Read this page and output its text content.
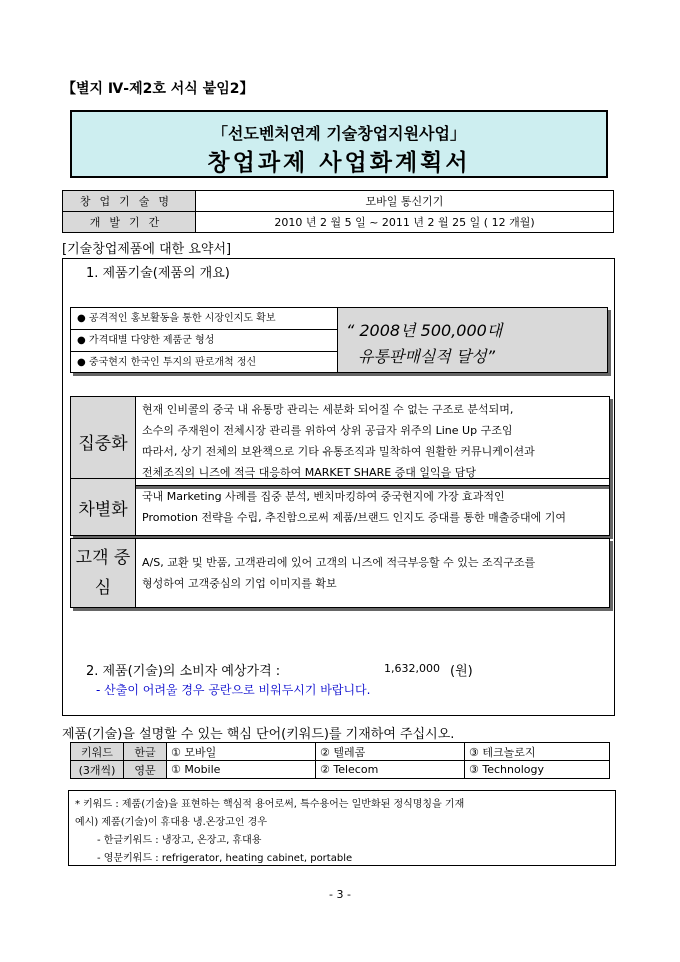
【별지 Ⅳ-제2호 서식 붙임2】
「선도벤처연계 기술창업지원사업」
창업과제 사업화계획서
창업기술명	모바일 통신기기
개발기간	2010 년 2 월 5 일 ~ 2011 년 2 월 25 일 ( 12 개월)
[기술창업제품에 대한 요약서]
1. 제품기술(제품의 개요)
● 공격적인 홍보활동을 통한 시장인지도 확보
● 가격대별 다양한 제품군 형성
● 중국현지 한국인 투지의 판로개척 정신
“ 2008년 500,000대
유통판매실적 달성”
집중화	
현재 인비콜의 중국 내 유통망 관리는 세분화 되어질 수 없는 구조로 분석되며,
소수의 주재원이 전체시장 관리를 위하여 상위 공급자 위주의 Line Up 구조임
따라서, 상기 전체의 보완책으로 기타 유통조직과 밀착하여 원활한 커뮤니케이션과
전체조직의 니즈에 적극 대응하여 MARKET SHARE 증대 일익을 담당
차별화	
국내 Marketing 사례를 집중 분석, 벤치마킹하여 중국현지에 가장 효과적인
Promotion 전략을 수립, 추진함으로써 제품/브랜드 인지도 증대를 통한 매출증대에 기여
고객 중심	
A/S, 교환 및 반품, 고객관리에 있어 고객의 니즈에 적극부응할 수 있는 조직구조를
형성하여 고객중심의 기업 이미지를 확보
2. 제품(기술)의 소비자 예상가격 :	1,632,000 (원)
- 산출이 어려울 경우 공란으로 비워두시기 바랍니다.
제품(기술)을 설명할 수 있는 핵심 단어(키워드)를 기재하여 주십시오.
키워드	한글	① 모바일	② 텔레콤	③ 테크놀로지
(3개씩)	영문	① Mobile	② Telecom	③ Technology
* 키워드 : 제품(기술)을 표현하는 핵심적 용어로써, 특수용어는 일반화된 정식명칭을 기재
예시) 제품(기술)이 휴대용 냉․온장고인 경우
- 한글키워드 : 냉장고, 온장고, 휴대용
- 영문키워드 : refrigerator, heating cabinet, portable
- 3 -
